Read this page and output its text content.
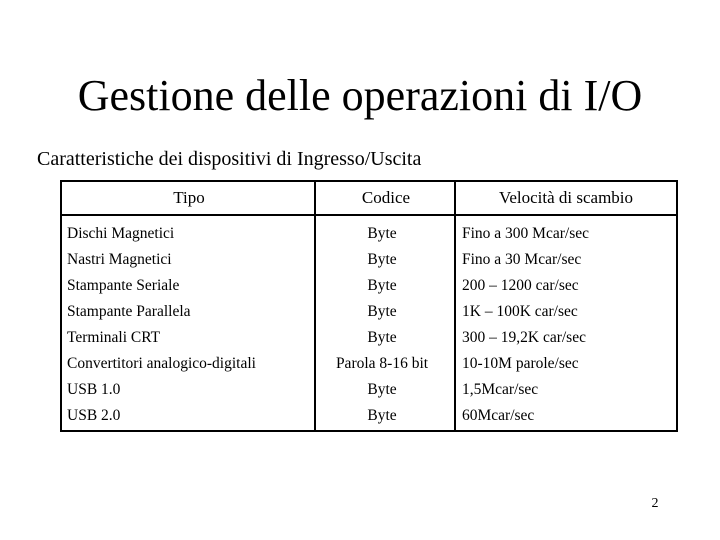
Gestione delle operazioni di I/O
Caratteristiche dei dispositivi di Ingresso/Uscita
Tipo	Codice	Velocità di scambio
Dischi Magnetici
Nastri Magnetici
Stampante Seriale
Stampante Parallela
Terminali CRT
Convertitori analogico-digitali
USB 1.0
USB 2.0
Byte
Byte
Byte
Byte
Byte
Parola 8-16 bit
Byte
Byte
Fino a 300 Mcar/sec
Fino a 30 Mcar/sec
200 – 1200 car/sec
1K – 100K car/sec
300 – 19,2K car/sec
10-10M parole/sec
1,5Mcar/sec
60Mcar/sec
2
